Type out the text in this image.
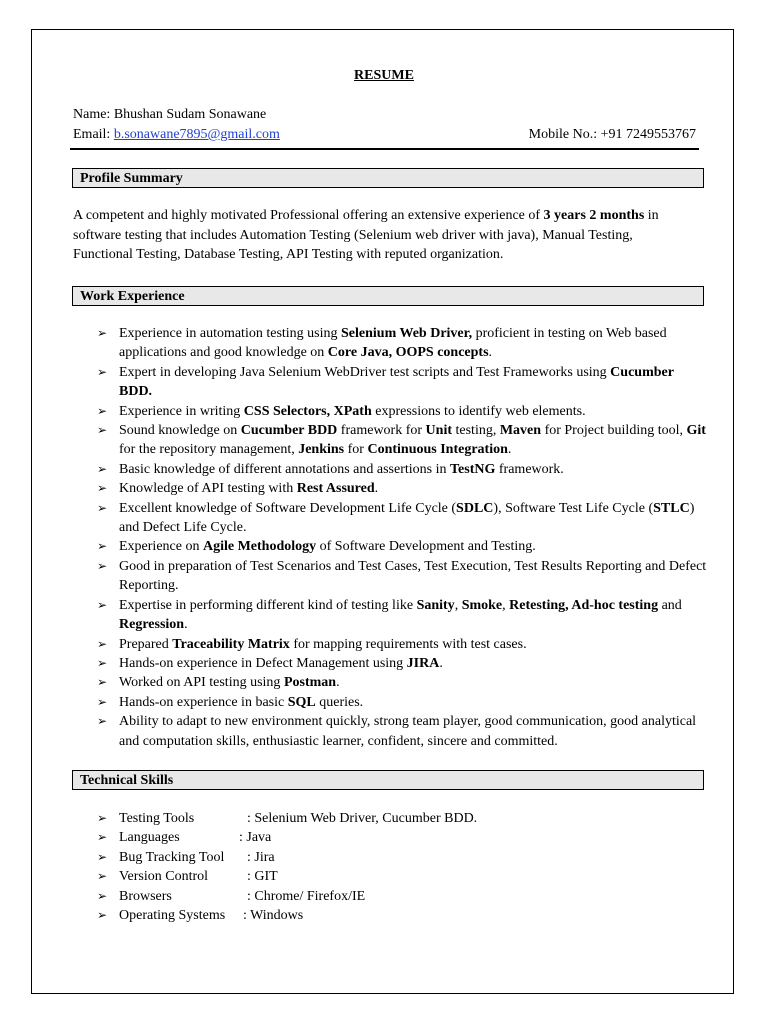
RESUME
Name: Bhushan Sudam Sonawane
Email: b.sonawane7895@gmail.com	Mobile No.: +91 7249553767
Profile Summary
A competent and highly motivated Professional offering an extensive experience of 3 years 2 months in software testing that includes Automation Testing (Selenium web driver with java), Manual Testing, Functional Testing, Database Testing, API Testing with reputed organization.
Work Experience
➢ Experience in automation testing using Selenium Web Driver, proficient in testing on Web based applications and good knowledge on Core Java, OOPS concepts.
➢ Expert in developing Java Selenium WebDriver test scripts and Test Frameworks using Cucumber BDD.
➢ Experience in writing CSS Selectors, XPath expressions to identify web elements.
➢ Sound knowledge on Cucumber BDD framework for Unit testing, Maven for Project building tool, Git for the repository management, Jenkins for Continuous Integration.
➢ Basic knowledge of different annotations and assertions in TestNG framework.
➢ Knowledge of API testing with Rest Assured.
➢ Excellent knowledge of Software Development Life Cycle (SDLC), Software Test Life Cycle (STLC) and Defect Life Cycle.
➢ Experience on Agile Methodology of Software Development and Testing.
➢ Good in preparation of Test Scenarios and Test Cases, Test Execution, Test Results Reporting and Defect Reporting.
➢ Expertise in performing different kind of testing like Sanity, Smoke, Retesting, Ad-hoc testing and Regression.
➢ Prepared Traceability Matrix for mapping requirements with test cases.
➢ Hands-on experience in Defect Management using JIRA.
➢ Worked on API testing using Postman.
➢ Hands-on experience in basic SQL queries.
➢ Ability to adapt to new environment quickly, strong team player, good communication, good analytical and computation skills, enthusiastic learner, confident, sincere and committed.
Technical Skills
➢ Testing Tools	: Selenium Web Driver, Cucumber BDD.
➢ Languages	: Java
➢ Bug Tracking Tool : Jira
➢ Version Control	: GIT
➢ Browsers	: Chrome/ Firefox/IE
➢ Operating Systems : Windows
